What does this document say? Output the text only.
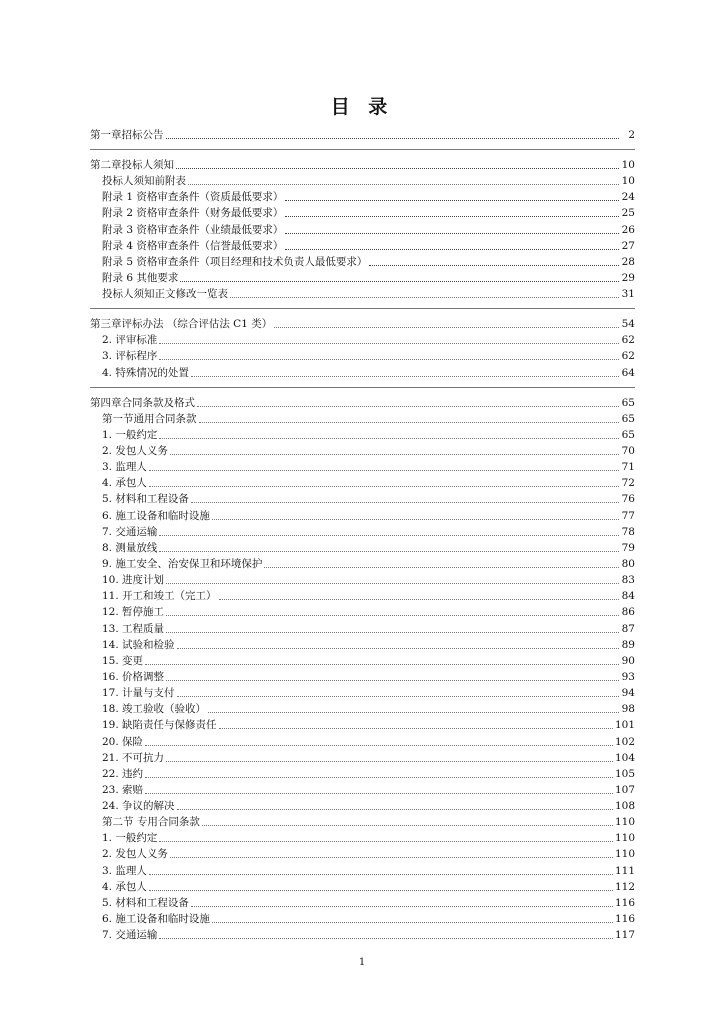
目 录
第一章招标公告	2
第二章投标人须知	10
投标人须知前附表	10
附录 1 资格审查条件（资质最低要求）	24
附录 2 资格审查条件（财务最低要求）	25
附录 3 资格审查条件（业绩最低要求）	26
附录 4 资格审查条件（信誉最低要求）	27
附录 5 资格审查条件（项目经理和技术负责人最低要求）	28
附录 6 其他要求	29
投标人须知正文修改一览表	31
第三章评标办法 （综合评估法 C1 类）	54
2. 评审标准	62
3. 评标程序	62
4. 特殊情况的处置	64
第四章合同条款及格式	65
第一节通用合同条款	65
1. 一般约定	65
2. 发包人义务	70
3. 监理人	71
4. 承包人	72
5. 材料和工程设备	76
6. 施工设备和临时设施	77
7. 交通运输	78
8. 测量放线	79
9. 施工安全、治安保卫和环境保护	80
10. 进度计划	83
11. 开工和竣工（完工）	84
12. 暂停施工	86
13. 工程质量	87
14. 试验和检验	89
15. 变更	90
16. 价格调整	93
17. 计量与支付	94
18. 竣工验收（验收）	98
19. 缺陷责任与保修责任	101
20. 保险	102
21. 不可抗力	104
22. 违约	105
23. 索赔	107
24. 争议的解决	108
第二节 专用合同条款	110
1. 一般约定	110
2. 发包人义务	110
3. 监理人	111
4. 承包人	112
5. 材料和工程设备	116
6. 施工设备和临时设施	116
7. 交通运输	117
1
